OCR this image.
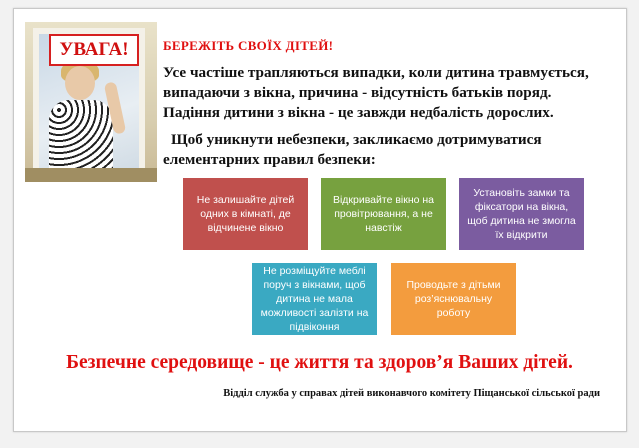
УВАГА!	БЕРЕЖІТЬ СВОЇХ ДІТЕЙ!
Усе частіше трапляються випадки, коли дитина травмується, випадаючи з вікна, причина - відсутність батьків поряд. Падіння дитини з вікна - це завжди недбалість дорослих.
Щоб уникнути небезпеки, закликаємо дотримуватися елементарних правил безпеки:
Не залишайте дітей одних в кімнаті, де відчинене вікно
Відкривайте вікно на провітрювання, а не навстіж
Установіть замки та фіксатори на вікна, щоб дитина не змогла їх відкрити
Не розміщуйте меблі поруч з вікнами, щоб дитина не мала можливості залізти на підвіконня
Проводьте з дітьми роз’яснювальну роботу
Безпечне середовище - це життя та здоров’я Ваших дітей.
Відділ служба у справах дітей виконавчого комітету Піщанської сільської ради
